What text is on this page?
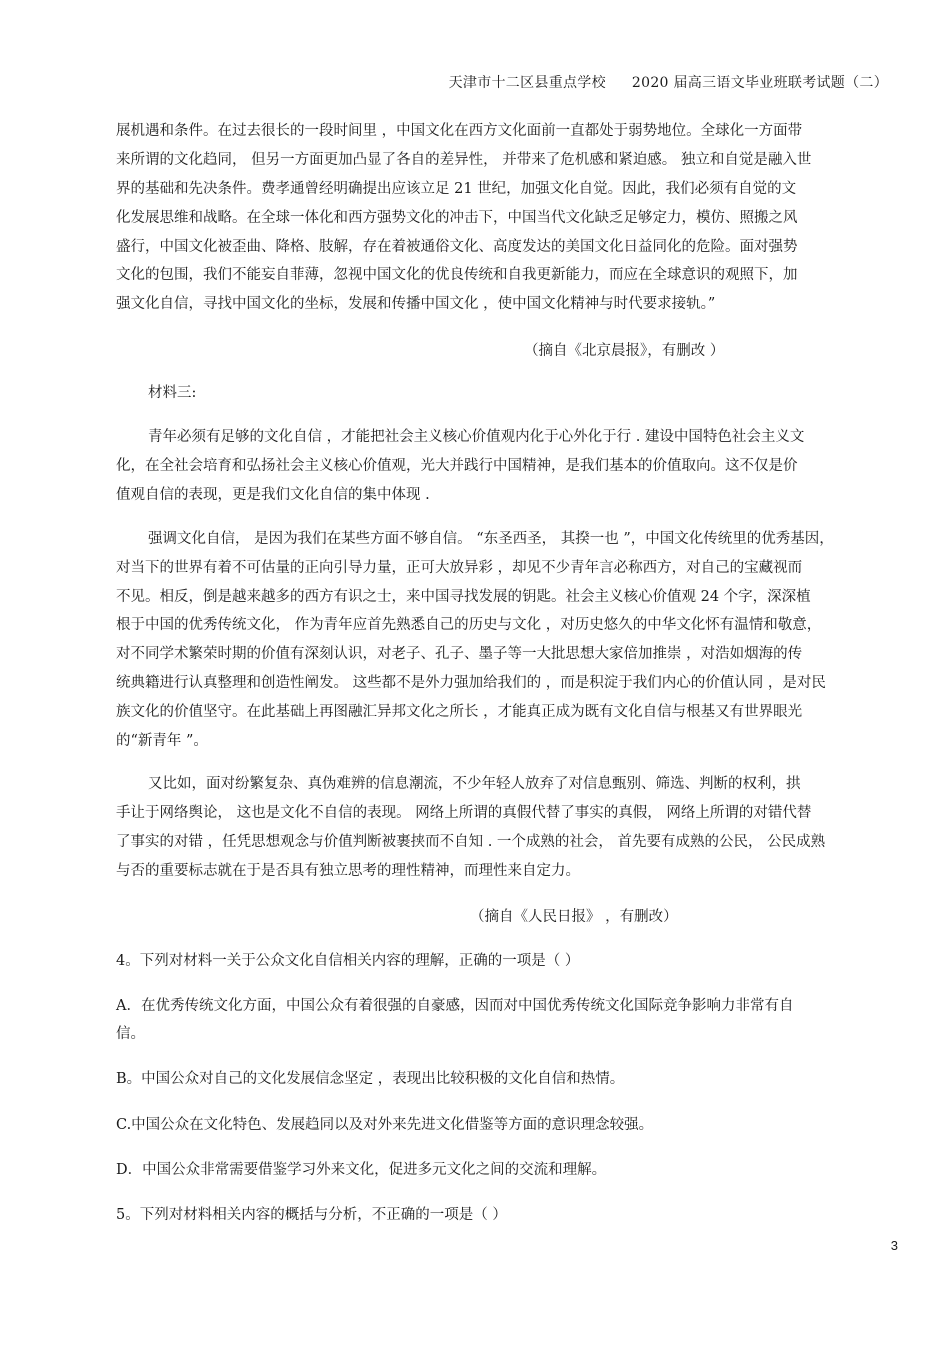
天津市十二区县重点学校 2020 届高三语文毕业班联考试题（二）
展机遇和条件。在过去很长的一段时间里 ，中国文化在西方文化面前一直都处于弱势地位。全球化一方面带
来所谓的文化趋同， 但另一方面更加凸显了各自的差异性， 并带来了危机感和紧迫感。 独立和自觉是融入世
界的基础和先决条件。费孝通曾经明确提出应该立足 21 世纪，加强文化自觉。因此，我们必须有自觉的文
化发展思维和战略。在全球一体化和西方强势文化的冲击下，中国当代文化缺乏足够定力，模仿、照搬之风
盛行，中国文化被歪曲、降格、肢解，存在着被通俗文化、高度发达的美国文化日益同化的危险。面对强势
文化的包围，我们不能妄自菲薄，忽视中国文化的优良传统和自我更新能力，而应在全球意识的观照下，加
强文化自信，寻找中国文化的坐标，发展和传播中国文化 ，使中国文化精神与时代要求接轨。”
（摘自《北京晨报》，有删改 ）
材料三:
青年必须有足够的文化自信 ，才能把社会主义核心价值观内化于心外化于行 . 建设中国特色社会主义文
化，在全社会培育和弘扬社会主义核心价值观，光大并践行中国精神，是我们基本的价值取向。这不仅是价
值观自信的表现，更是我们文化自信的集中体现 .
强调文化自信， 是因为我们在某些方面不够自信。 “东圣西圣， 其揆一也 ”，中国文化传统里的优秀基因，
对当下的世界有着不可估量的正向引导力量，正可大放异彩 ，却见不少青年言必称西方，对自己的宝藏视而
不见。相反，倒是越来越多的西方有识之士，来中国寻找发展的钥匙。社会主义核心价值观 24 个字，深深植
根于中国的优秀传统文化， 作为青年应首先熟悉自己的历史与文化 ，对历史悠久的中华文化怀有温情和敬意，
对不同学术繁荣时期的价值有深刻认识，对老子、孔子、墨子等一大批思想大家倍加推崇 ，对浩如烟海的传
统典籍进行认真整理和创造性阐发。 这些都不是外力强加给我们的 ，而是积淀于我们内心的价值认同 ，是对民
族文化的价值坚守。在此基础上再图融汇异邦文化之所长 ，才能真正成为既有文化自信与根基又有世界眼光
的“新青年 ”。
又比如，面对纷繁复杂、真伪难辨的信息潮流，不少年轻人放弃了对信息甄别、筛选、判断的权利，拱
手让于网络舆论， 这也是文化不自信的表现。 网络上所谓的真假代替了事实的真假， 网络上所谓的对错代替
了事实的对错 ，任凭思想观念与价值判断被裹挟而不自知 . 一个成熟的社会， 首先要有成熟的公民， 公民成熟
与否的重要标志就在于是否具有独立思考的理性精神，而理性来自定力。
（摘自《人民日报》 ，有删改）
4。下列对材料一关于公众文化自信相关内容的理解，正确的一项是（ ）
A．在优秀传统文化方面，中国公众有着很强的自豪感，因而对中国优秀传统文化国际竞争影响力非常有自
信。
B。中国公众对自己的文化发展信念坚定 ，表现出比较积极的文化自信和热情。
C.中国公众在文化特色、发展趋同以及对外来先进文化借鉴等方面的意识理念较强。
D．中国公众非常需要借鉴学习外来文化，促进多元文化之间的交流和理解。
5。下列对材料相关内容的概括与分析，不正确的一项是（ ）
3
